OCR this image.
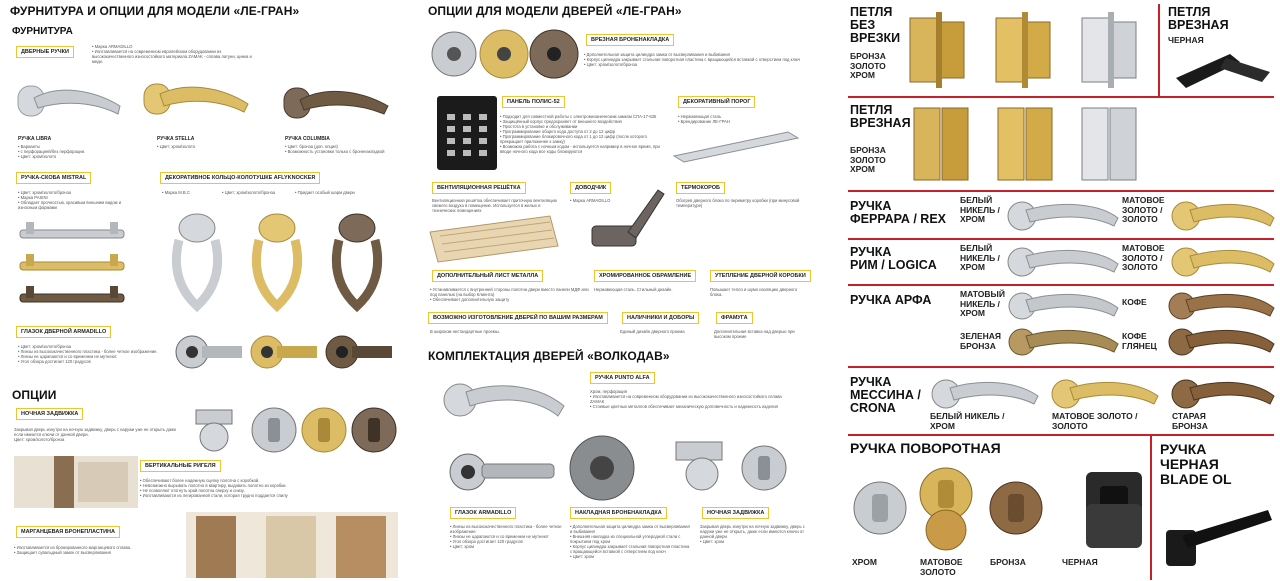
ФУРНИТУРА И ОПЦИИ ДЛЯ МОДЕЛИ «ЛЕ-ГРАН»
ФУРНИТУРА
ДВЕРНЫЕ РУЧКИ
• Марка ARMADILLO
• Изготавливается на современном европейском оборудовании из высококачественного износостойкого материала ZAMAK - сплава латуни, цинка и меди.
РУЧКА LIBRA
• Варианты
• с перфорацией/без перфорации.
• Цвет: хром/золото
РУЧКА STELLA
• Цвет: хром/золото
РУЧКА COLUMBIA
• Цвет: бронза (доп. опция)
• Возможность установки только с броненакладкой
РУЧКА-СКОБА MISTRAL
• Цвет: хром/золото/бронза
• Марка PASINI
• Обладает прочностью, красивым внешним видом и износным формами
ДЕКОРАТИВНОЕ КОЛЬЦО-КОЛОТУШКЕ AFLYKNOCKER
• Марка M.B.C	• Цвет: хром/золото/бронза	• Придает особый шарм двери
ГЛАЗОК ДВЕРНОЙ ARMADILLO
• Цвет: хром/золото/бронза
• Линзы из высококачественного пластика - более четкое изображение.
• Линзы не царапаются и со временем не мутнеют.
• Угол обзора достигает 120 градусов
ОПЦИИ
НОЧНАЯ ЗАДВИЖКА
Закрывая дверь изнутри на ночную задвижку, дверь с наружи уже не открыть даже если имеются ключи от данной двери.
Цвет: хром/золото/бронза
ВЕРТИКАЛЬНЫЕ РИГЕЛЯ
• Обеспечивают более надежную сцепку полотна с коробкой.
• Невозможно вырывать полотно в квартиру, выдавить полотно из коробки.
• Не позволяют отогнуть край полотна сверху и снизу.
• Изготавливаются из легированной стали, которая трудно поддается спилу
МАРГАНЦЕВАЯ БРОНЕПЛАСТИНА
• Изготавливается из бронированного марганцевого сплава.
• Защищает сувальдный замок от высверливания
ОПЦИИ ДЛЯ МОДЕЛИ ДВЕРЕЙ «ЛЕ-ГРАН»
ВРЕЗНАЯ БРОНЕНАКЛАДКА
• Дополнительная защита цилиндра замка от высверливания и выбивания
• Корпус цилиндра закрывает стальная поворотная пластина с вращающейся вставкой с отверстием под ключ
• Цвет: хром/золото/бронза
ПАНЕЛЬ ПОЛИС-52
• Подходит для совместной работы с электромеханическим замком СПА-17-535
• Защищённый корпус предохраняет от внешнего воздействия
• Простота в установке и обслуживании
• Программирование общего кода доступа от 2 до 12 цифр
• Программирование блокировочного кода от 1 до 12 цифр (после которого прекращает приложение к замку)
• Возможна работа с ночным кодом - используется например в ночное время, при вводе ночного кода все коды блокируются
ДЕКОРАТИВНЫЙ ПОРОГ
• Нержавеющая сталь
• Брендирование ЛЕ-ГРАН
ВЕНТИЛЯЦИОННАЯ РЕШЁТКА
Вентиляционная решётка обеспечивает приточную вентиляцию свежего воздуха в помещение. Используется в жилых и технических помещениях
ДОВОДЧИК
• Марка ARMADILLO
ТЕРМОКОРОБ
Обогрев дверного блока по периметру коробки (при минусовой температуре)
ДОПОЛНИТЕЛЬНЫЙ ЛИСТ МЕТАЛЛА
• Устанавливается с внутренней стороны полотна двери вместо панели МДФ или под панелью (на выбор Клиента)
• Обеспечивает дополнительную защиту
ХРОМИРОВАННОЕ ОБРАМЛЕНИЕ
Нержавеющая сталь. Стильный дизайн.
УТЕПЛЕНИЕ ДВЕРНОЙ КОРОБКИ
Повышает тепло и шумо изоляцию дверного блока.
ВОЗМОЖНО ИЗГОТОВЛЕНИЕ ДВЕРЕЙ ПО ВАШИМ РАЗМЕРАМ
В широком нестандартные проемы.
НАЛИЧНИКИ И ДОБОРЫ
Единый дизайн дверного проема
ФРАМУГА
Дополнительная вставка над дверью при высоком проеме
КОМПЛЕКТАЦИЯ ДВЕРЕЙ «ВОЛКОДАВ»
РУЧКА PUNTO ALFA
Хром, перфорация
• Изготавливается на современном оборудовании из высококачественного износостойкого сплава ZAMAK
• Стоевые цветных металлов обеспечивает механическую долговечность и надежность изделия
ГЛАЗОК ARMADILLO
• Линзы из высококачественного пластика - более четкое изображение
• Линзы не царапаются и со временем не мутнеют
• Угол обзора достигает 120 градусов
• Цвет: хром
НАКЛАДНАЯ БРОНЕНАКЛАДКА
• Дополнительная защита цилиндра замка от высверливания и выбивания
• Внешняя накладка из специальной углеродной стали с покрытием под хром
• Корпус цилиндра закрывает стальная поворотная пластина с вращающейся вставкой с отверстием под ключ
• Цвет: хром
НОЧНАЯ ЗАДВИЖКА
Закрывая дверь изнутри на ночную задвижку, дверь с наружи уже не открыть, даже если имеются ключи от данной двери
• Цвет: хром
ПЕТЛЯ
БЕЗ
ВРЕЗКИ
БРОНЗА
ЗОЛОТО
ХРОМ
ПЕТЛЯ
ВРЕЗНАЯ
ЧЕРНАЯ
ПЕТЛЯ
ВРЕЗНАЯ
БРОНЗА
ЗОЛОТО
ХРОМ
РУЧКА
ФЕРРАРА / REX
БЕЛЫЙ
НИКЕЛЬ /
ХРОМ
МАТОВОЕ
ЗОЛОТО /
ЗОЛОТО
РУЧКА
РИМ / LOGICA
БЕЛЫЙ
НИКЕЛЬ /
ХРОМ
МАТОВОЕ
ЗОЛОТО /
ЗОЛОТО
РУЧКА АРФА	МАТОВЫЙ
НИКЕЛЬ /
ХРОМ
КОФЕ
ЗЕЛЕНАЯ
БРОНЗА
КОФЕ
ГЛЯНЕЦ
РУЧКА
МЕССИНА /
CRONA
БЕЛЫЙ НИКЕЛЬ /
ХРОМ
МАТОВОЕ ЗОЛОТО /
ЗОЛОТО
СТАРАЯ
БРОНЗА
РУЧКА ПОВОРОТНАЯ
ХРОМ	МАТОВОЕ
ЗОЛОТО
БРОНЗА	ЧЕРНАЯ
РУЧКА
ЧЕРНАЯ
BLADE OL
